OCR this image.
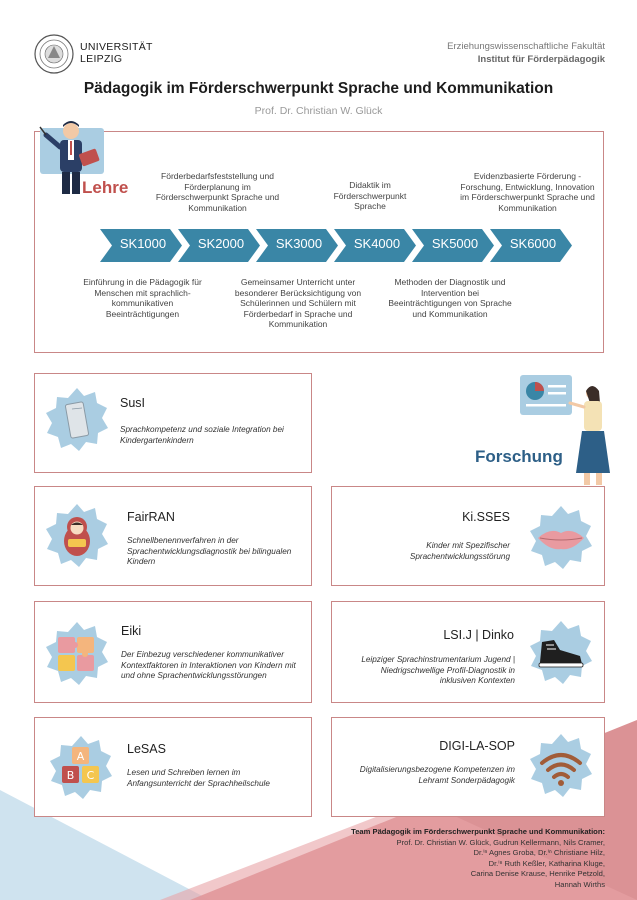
UNIVERSITÄT
LEIPZIG
Erziehungswissenschaftliche Fakultät
Institut für Förderpädagogik
Pädagogik im Förderschwerpunkt Sprache und Kommunikation
Prof. Dr. Christian W. Glück
Lehre
SK1000	SK2000	SK3000	SK4000	SK5000	SK6000
Förderbedarfsfeststellung und Förderplanung im Förderschwerpunkt Sprache und Kommunikation
Didaktik im Förderschwerpunkt Sprache
Evidenzbasierte Förderung - Forschung, Entwicklung, Innovation im Förderschwerpunkt Sprache und Kommunikation
Einführung in die Pädagogik für Menschen mit sprachlich-kommunikativen Beeinträchtigungen
Gemeinsamer Unterricht unter besonderer Berücksichtigung von Schülerinnen und Schülern mit Förderbedarf in Sprache und Kommunikation
Methoden der Diagnostik und Intervention bei Beeinträchtigungen von Sprache und Kommunikation
Forschung
SusI
Sprachkompetenz und soziale Integration bei Kindergartenkindern
FairRAN
Schnellbenennverfahren in der Sprachentwicklungsdiagnostik bei bilingualen Kindern
Ki.SSES
Kinder mit Spezifischer Sprachentwicklungsstörung
Eiki
Der Einbezug verschiedener kommunikativer Kontextfaktoren in Interaktionen von Kindern mit und ohne Sprachentwicklungsstörungen
LSI.J | Dinko
Leipziger Sprachinstrumentarium Jugend | Niedrigschwellige Profil-Diagnostik in inklusiven Kontexten
A
B C
LeSAS
Lesen und Schreiben lernen im Anfangsunterricht der Sprachheilschule
DIGI-LA-SOP
Digitalisierungsbezogene Kompetenzen im Lehramt Sonderpädagogik
Team Pädagogik im Förderschwerpunkt Sprache und Kommunikation:
Prof. Dr. Christian W. Glück, Gudrun Kellermann, Nils Cramer,
Dr.ⁱⁿ Agnes Groba, Dr.ⁱⁿ Christiane Hilz,
Dr.ⁱⁿ Ruth Keßler, Katharina Kluge,
Carina Denise Krause, Henrike Petzold,
Hannah Wirths
